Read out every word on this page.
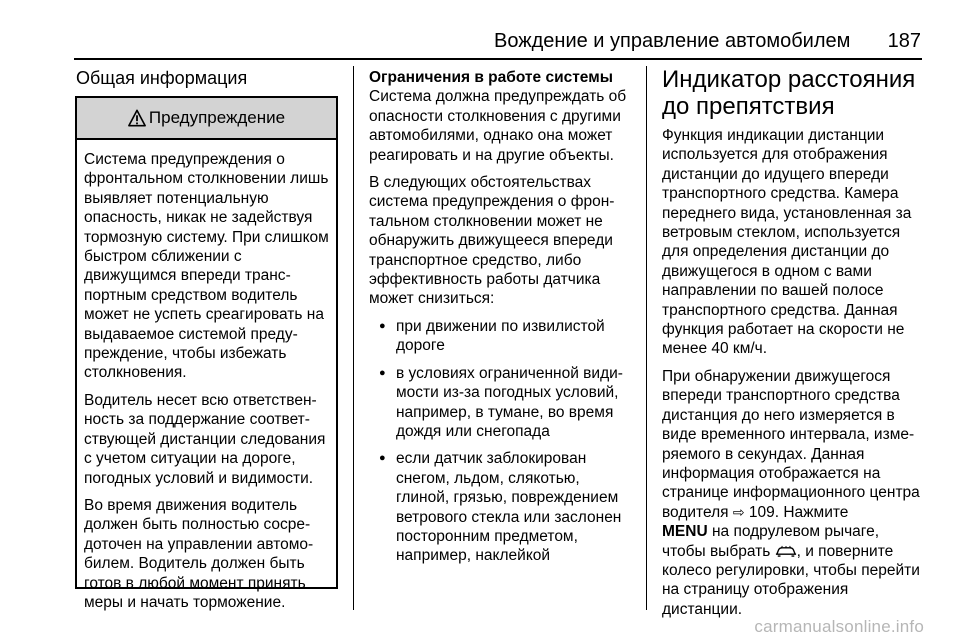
Вождение и управление автомобилем 187
Общая информация
Предупреждение

Система предупреждения о фронтальном столкновении лишь выявляет потенциальную опасность, никак не задействуя тормозную систему. При слишком быстром сближении с движущимся впереди транспортным средством водитель может не успеть среагировать на выдаваемое системой предупреждение, чтобы избежать столкновения.

Водитель несет всю ответственность за поддержание соответствующей дистанции следования с учетом ситуации на дороге, погодных условий и видимости.

Во время движения водитель должен быть полностью сосредоточен на управлении автомобилем. Водитель должен быть готов в любой момент принять меры и начать торможение.

Ограничения в работе системы

Система должна предупреждать об опасности столкновения с другими автомобилями, однако она может реагировать и на другие объекты.

В следующих обстоятельствах система предупреждения о фронтальном столкновении может не обнаружить движущееся впереди транспортное средство, либо эффективность работы датчика может снизиться:

● при движении по извилистой дороге
● в условиях ограниченной видимости из-за погодных условий, например, в тумане, во время дождя или снегопада
● если датчик заблокирован снегом, льдом, слякотью, глиной, грязью, повреждением ветрового стекла или заслонен посторонним предметом, например, наклейкой
Индикатор расстояния до препятствия

Функция индикации дистанции используется для отображения дистанции до идущего впереди транспортного средства. Камера переднего вида, установленная за ветровым стеклом, используется для определения дистанции до движущегося в одном с вами направлении по вашей полосе транспортного средства. Данная функция работает на скорости не менее 40 км/ч.

При обнаружении движущегося впереди транспортного средства дистанция до него измеряется в виде временного интервала, измеряемого в секундах. Данная информация отображается на странице информационного центра водителя ⇨ 109. Нажмите
MENU на подрулевом рычаге, чтобы выбрать , и поверните колесо регулировки, чтобы перейти на страницу отображения дистанции.

carmanualsonline.info
